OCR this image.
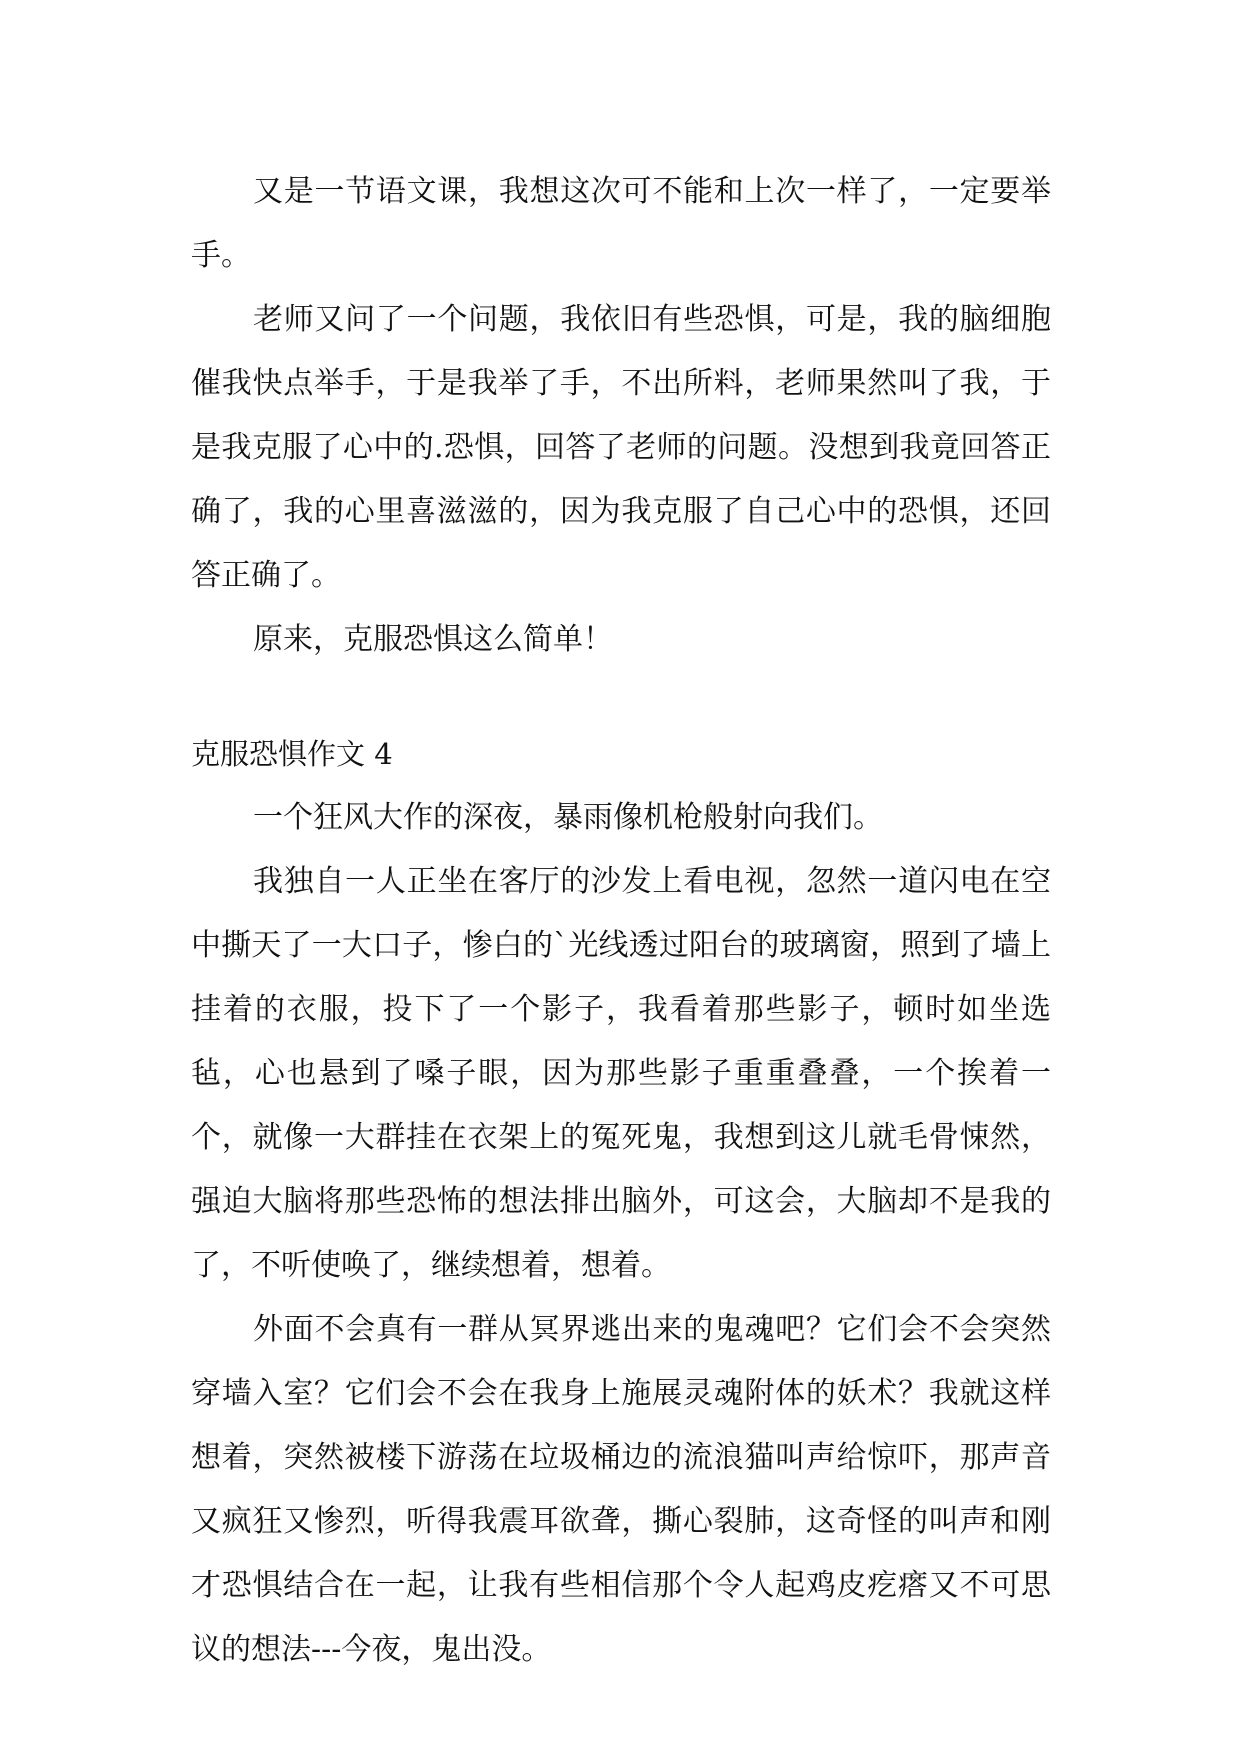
又是一节语文课，我想这次可不能和上次一样了，一定要举手。

老师又问了一个问题，我依旧有些恐惧，可是，我的脑细胞催我快点举手，于是我举了手，不出所料，老师果然叫了我，于是我克服了心中的.恐惧，回答了老师的问题。没想到我竟回答正确了，我的心里喜滋滋的，因为我克服了自己心中的恐惧，还回答正确了。

原来，克服恐惧这么简单！

克服恐惧作文 4

一个狂风大作的深夜，暴雨像机枪般射向我们。

我独自一人正坐在客厅的沙发上看电视，忽然一道闪电在空中撕天了一大口子，惨白的`光线透过阳台的玻璃窗，照到了墙上挂着的衣服，投下了一个影子，我看着那些影子，顿时如坐选毡，心也悬到了嗓子眼，因为那些影子重重叠叠，一个挨着一个，就像一大群挂在衣架上的冤死鬼，我想到这儿就毛骨悚然，强迫大脑将那些恐怖的想法排出脑外，可这会，大脑却不是我的了，不听使唤了，继续想着，想着。

外面不会真有一群从冥界逃出来的鬼魂吧？它们会不会突然穿墙入室？它们会不会在我身上施展灵魂附体的妖术？我就这样想着，突然被楼下游荡在垃圾桶边的流浪猫叫声给惊吓，那声音又疯狂又惨烈，听得我震耳欲聋，撕心裂肺，这奇怪的叫声和刚才恐惧结合在一起，让我有些相信那个令人起鸡皮疙瘩又不可思议的想法---今夜，鬼出没。
